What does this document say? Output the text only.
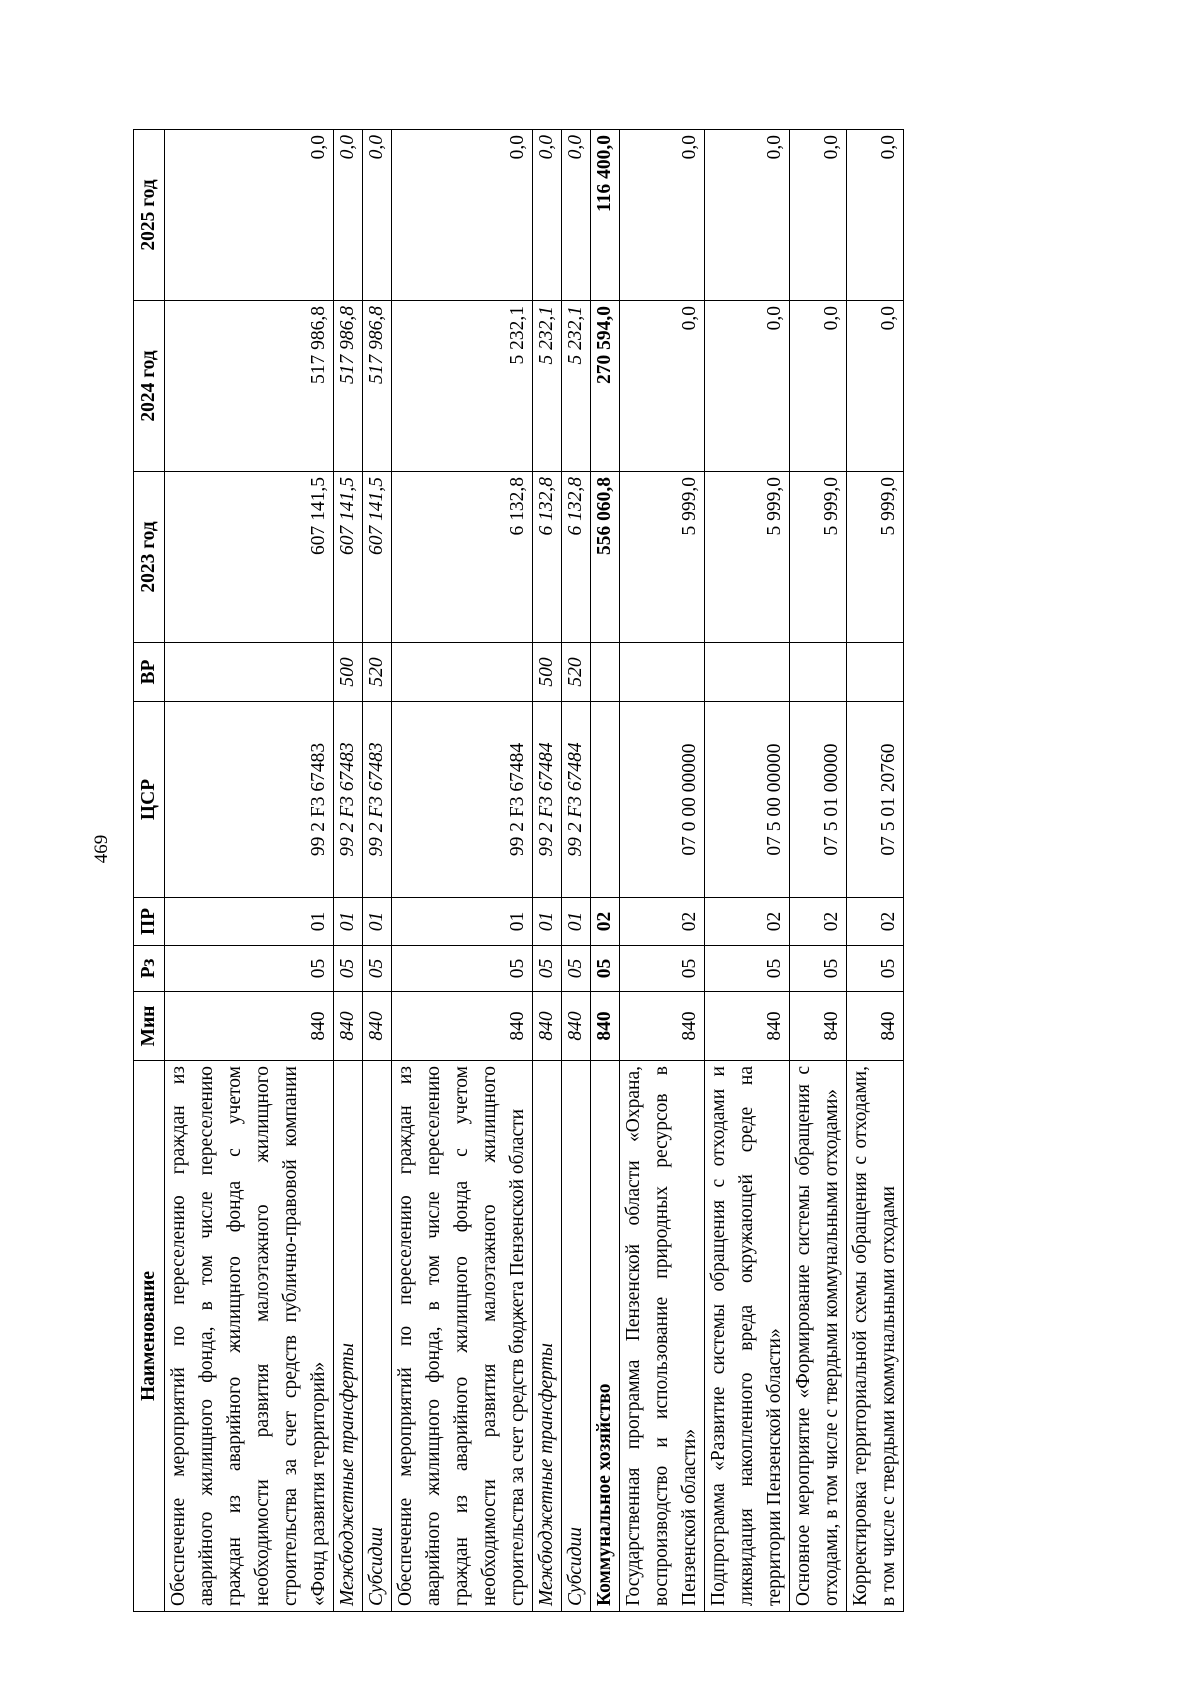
469
Наименование	Мин	Рз	ПР	ЦСР	ВР	2023 год	2024 год	2025 год
Обеспечение мероприятий по переселению граждан из аварийного жилищного фонда, в том числе переселению граждан из аварийного жилищного фонда с учетом необходимости развития малоэтажного жилищного строительства за счет средств публично-правовой компании «Фонд развития территорий»	840	05	01	99 2 F3 67483		607 141,5	517 986,8	0,0
Межбюджетные трансферты	840	05	01	99 2 F3 67483	500	607 141,5	517 986,8	0,0
Субсидии	840	05	01	99 2 F3 67483	520	607 141,5	517 986,8	0,0
Обеспечение мероприятий по переселению граждан из аварийного жилищного фонда, в том числе переселению граждан из аварийного жилищного фонда с учетом необходимости развития малоэтажного жилищного строительства за счет средств бюджета Пензенской области	840	05	01	99 2 F3 67484		6 132,8	5 232,1	0,0
Межбюджетные трансферты	840	05	01	99 2 F3 67484	500	6 132,8	5 232,1	0,0
Субсидии	840	05	01	99 2 F3 67484	520	6 132,8	5 232,1	0,0
Коммунальное хозяйство	840	05	02			556 060,8	270 594,0	116 400,0
Государственная программа Пензенской области «Охрана, воспроизводство и использование природных ресурсов в Пензенской области»	840	05	02	07 0 00 00000		5 999,0	0,0	0,0
Подпрограмма «Развитие системы обращения с отходами и ликвидация накопленного вреда окружающей среде на территории Пензенской области»	840	05	02	07 5 00 00000		5 999,0	0,0	0,0
Основное мероприятие «Формирование системы обращения с отходами, в том числе с твердыми коммунальными отходами»	840	05	02	07 5 01 00000		5 999,0	0,0	0,0
Корректировка территориальной схемы обращения с отходами, в том числе с твердыми коммунальными отходами	840	05	02	07 5 01 20760		5 999,0	0,0	0,0
